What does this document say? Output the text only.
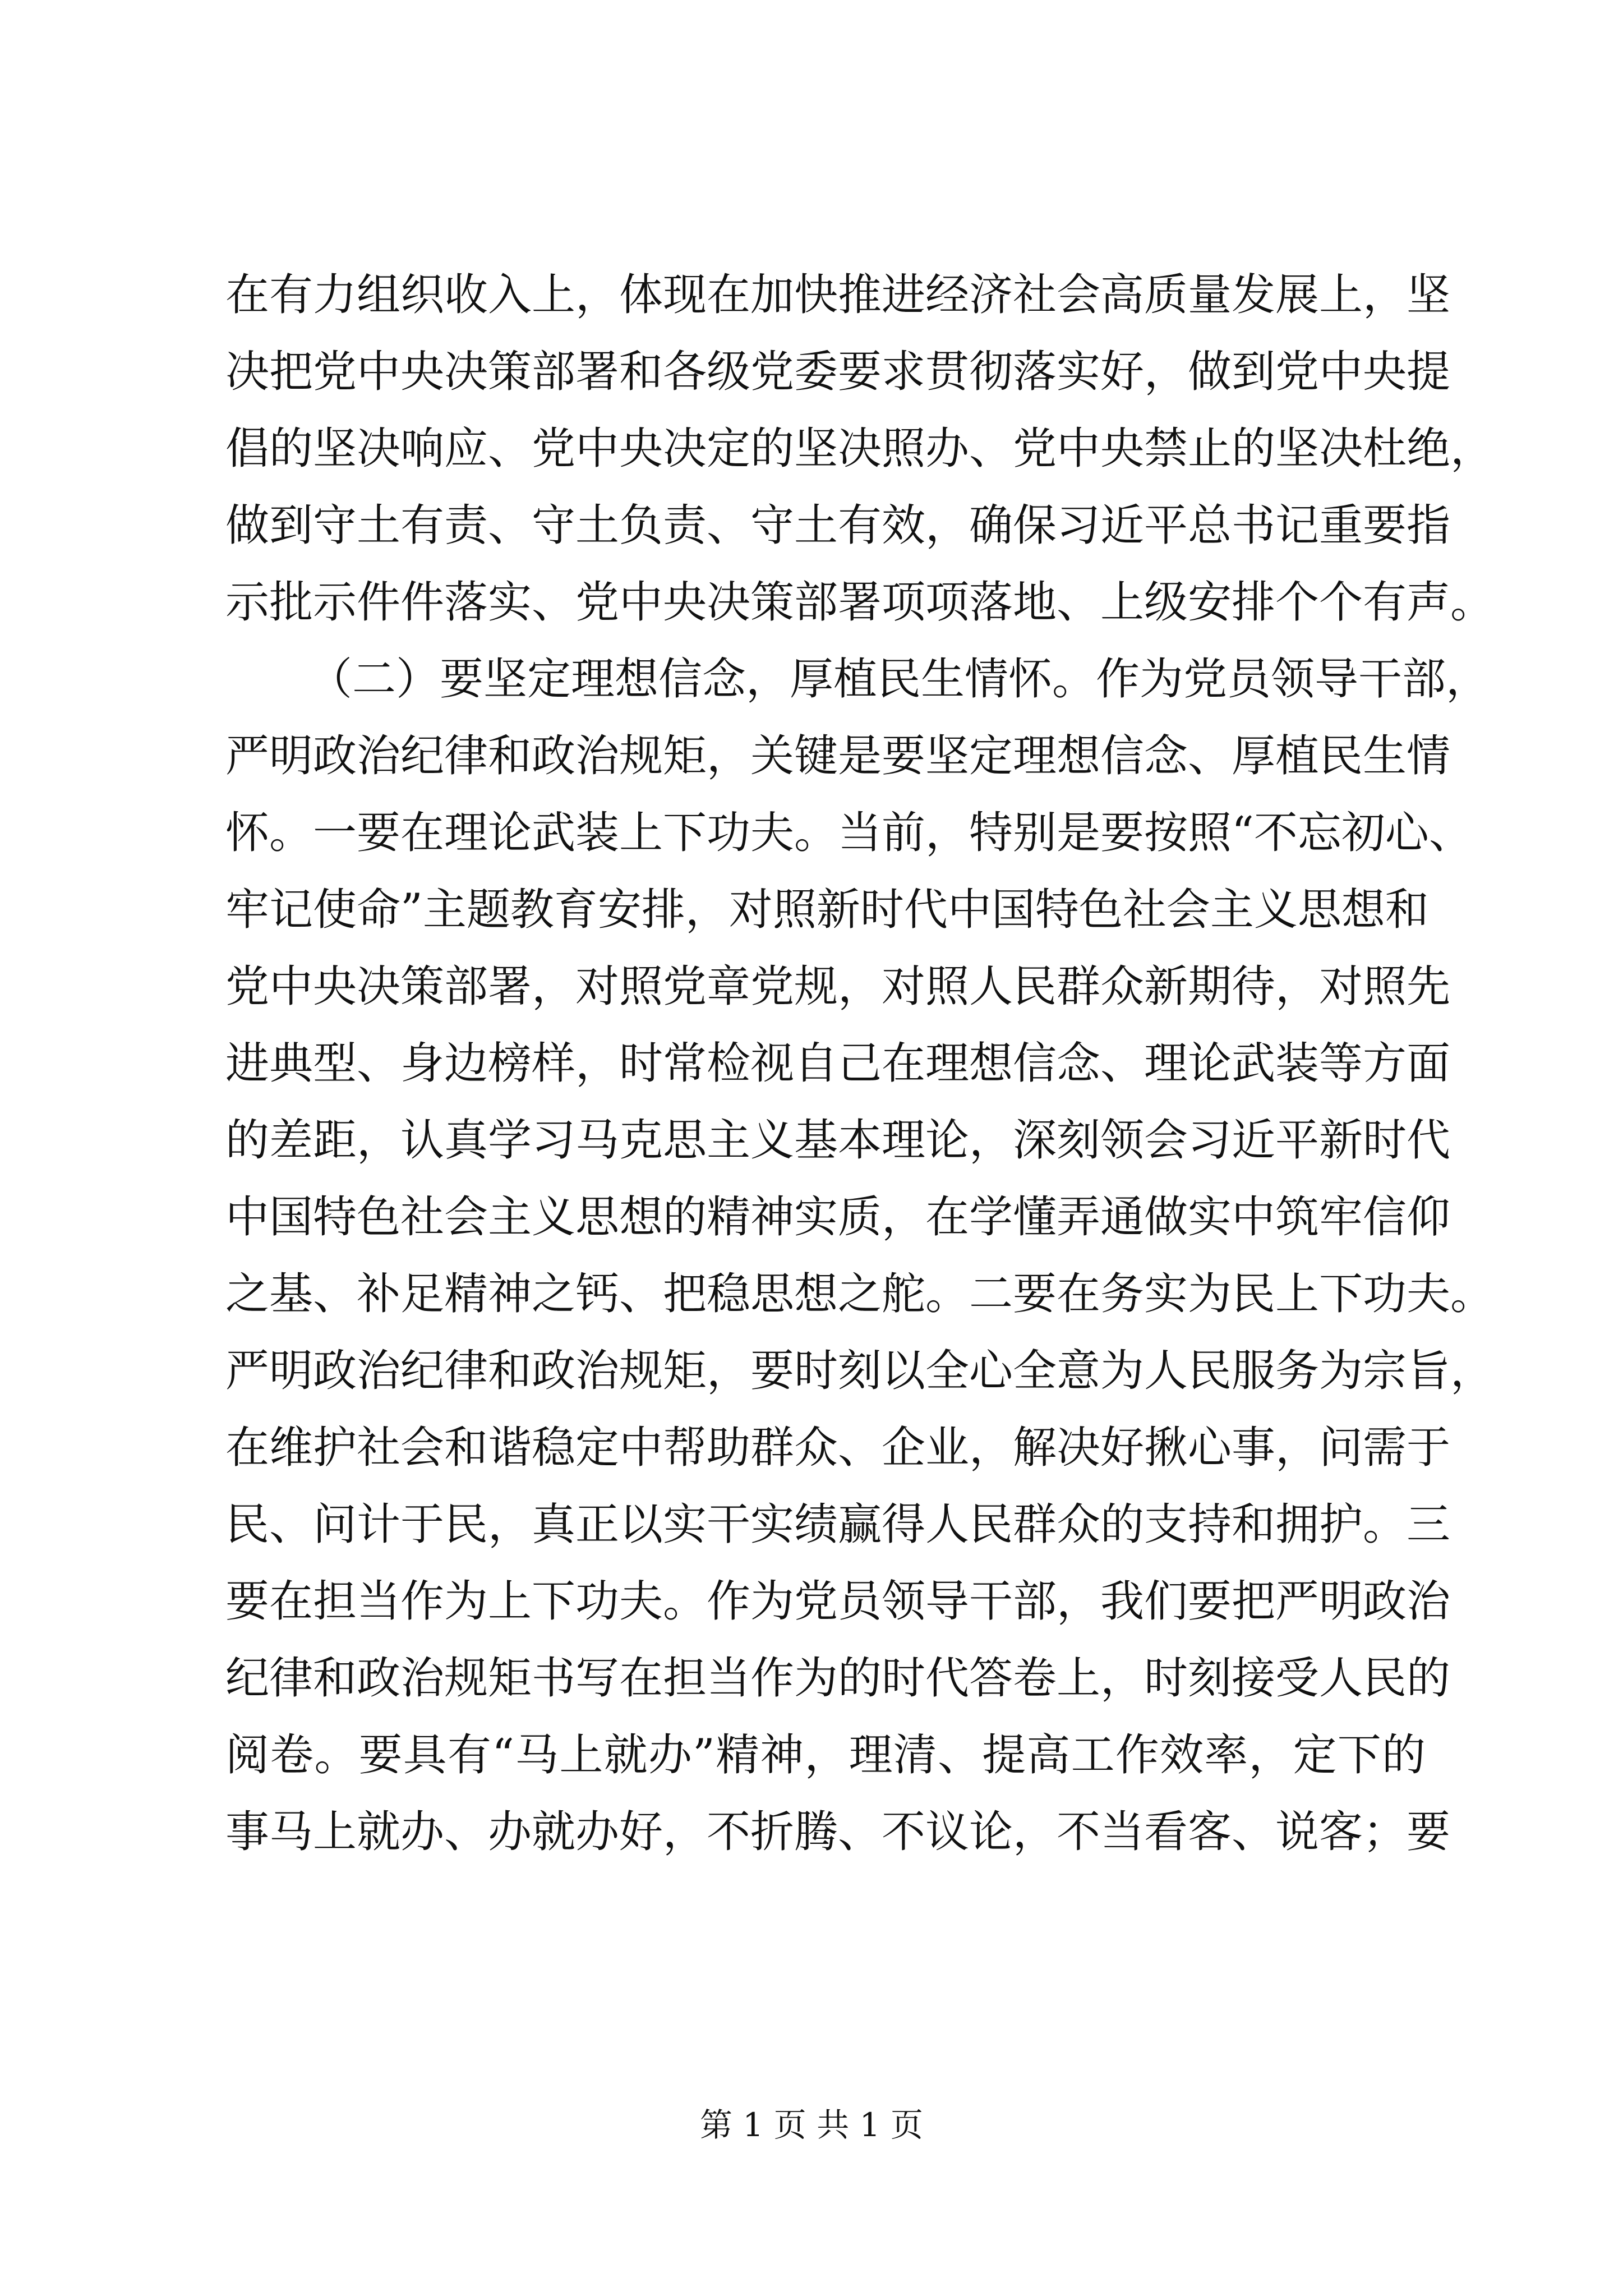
在有力组织收入上，体现在加快推进经济社会高质量发展上，坚
决把党中央决策部署和各级党委要求贯彻落实好，做到党中央提
倡的坚决响应、党中央决定的坚决照办、党中央禁止的坚决杜绝，
做到守土有责、守土负责、守土有效，确保习近平总书记重要指
示批示件件落实、党中央决策部署项项落地、上级安排个个有声。
（二）要坚定理想信念，厚植民生情怀。作为党员领导干部，
严明政治纪律和政治规矩，关键是要坚定理想信念、厚植民生情
怀。一要在理论武装上下功夫。当前，特别是要按照“不忘初心、
牢记使命”主题教育安排，对照新时代中国特色社会主义思想和
党中央决策部署，对照党章党规，对照人民群众新期待，对照先
进典型、身边榜样，时常检视自己在理想信念、理论武装等方面
的差距，认真学习马克思主义基本理论，深刻领会习近平新时代
中国特色社会主义思想的精神实质，在学懂弄通做实中筑牢信仰
之基、补足精神之钙、把稳思想之舵。二要在务实为民上下功夫。
严明政治纪律和政治规矩，要时刻以全心全意为人民服务为宗旨，
在维护社会和谐稳定中帮助群众、企业，解决好揪心事，问需于
民、问计于民，真正以实干实绩赢得人民群众的支持和拥护。三
要在担当作为上下功夫。作为党员领导干部，我们要把严明政治
纪律和政治规矩书写在担当作为的时代答卷上，时刻接受人民的
阅卷。要具有“马上就办”精神，理清、提高工作效率，定下的
事马上就办、办就办好，不折腾、不议论，不当看客、说客；要
第 1 页 共 1 页
